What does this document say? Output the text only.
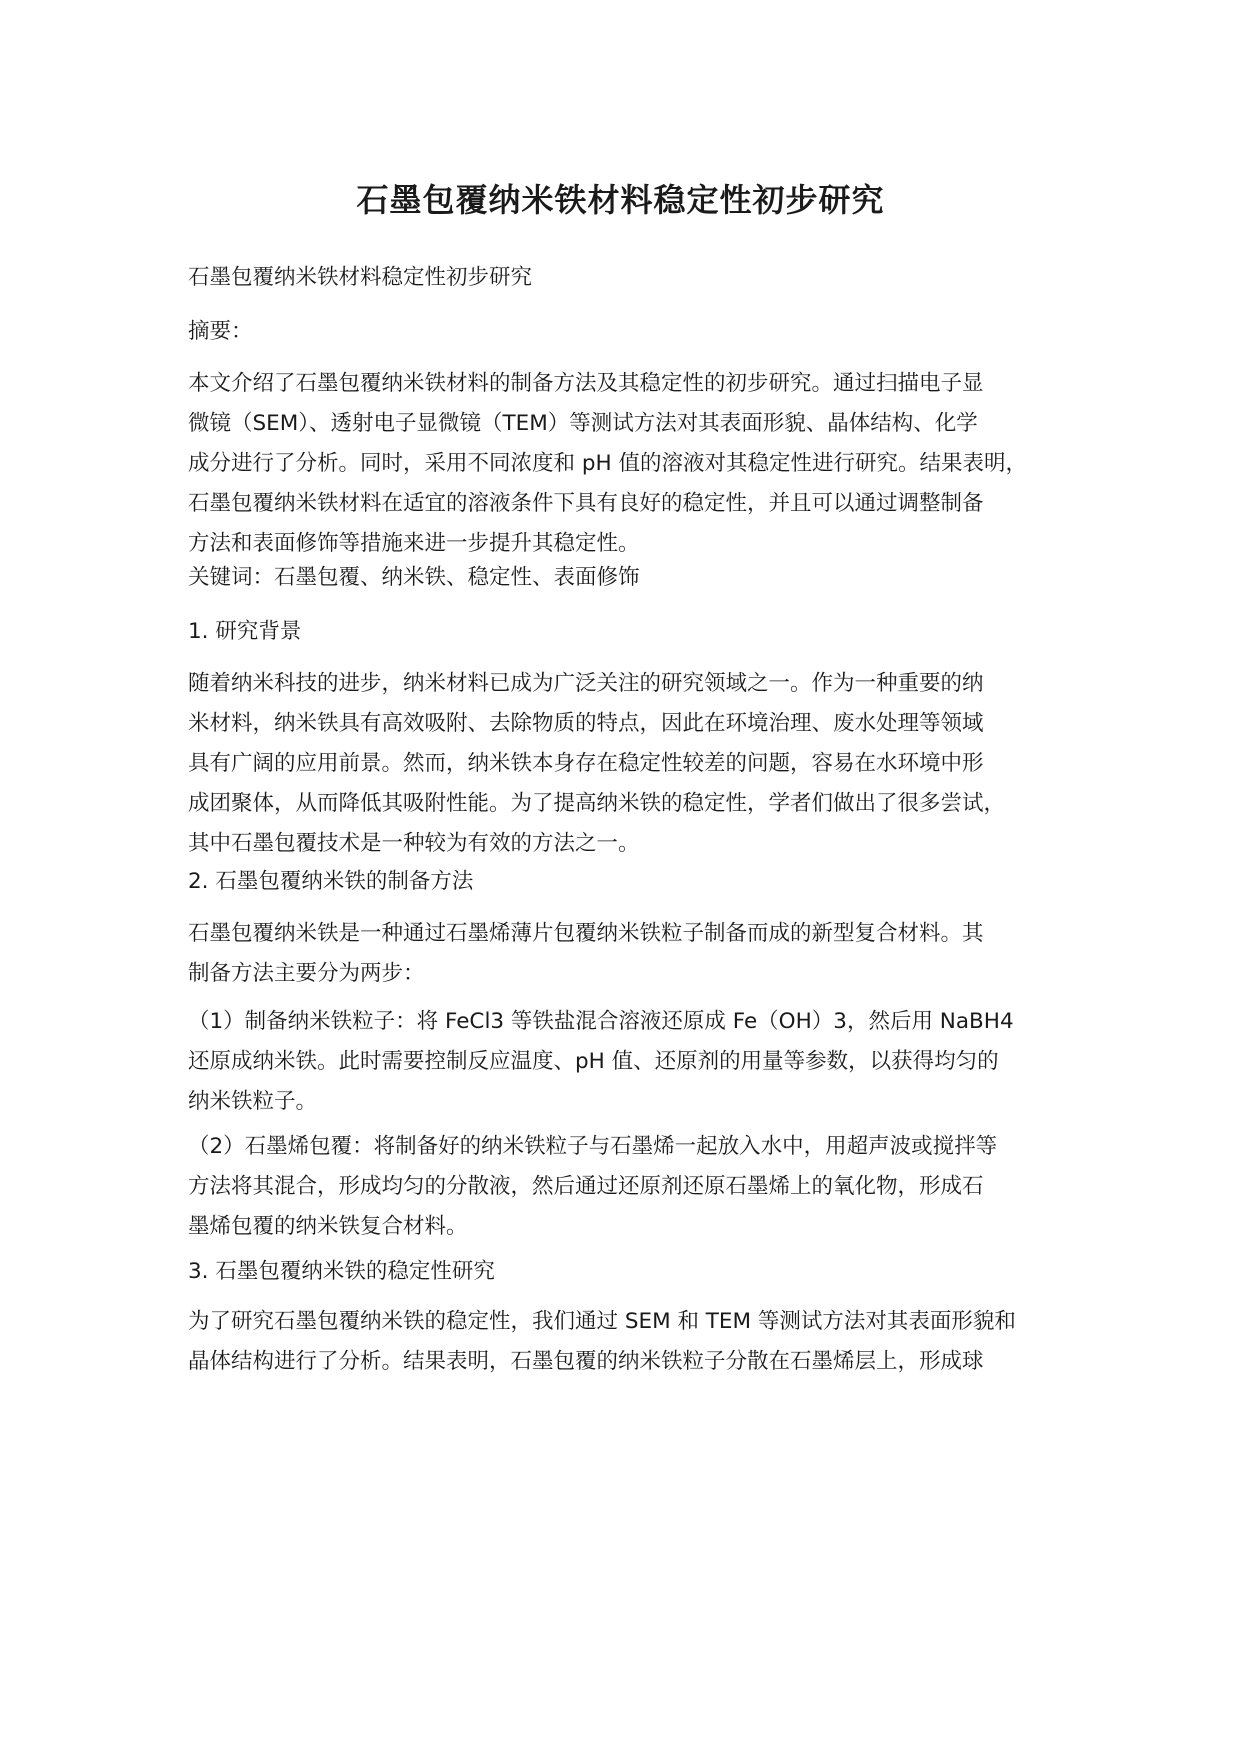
石墨包覆纳米铁材料稳定性初步研究
石墨包覆纳米铁材料稳定性初步研究
摘要：
本文介绍了石墨包覆纳米铁材料的制备方法及其稳定性的初步研究。通过扫描电子显
微镜（SEM）、透射电子显微镜（TEM）等测试方法对其表面形貌、晶体结构、化学
成分进行了分析。同时，采用不同浓度和 pH 值的溶液对其稳定性进行研究。结果表明，
石墨包覆纳米铁材料在适宜的溶液条件下具有良好的稳定性，并且可以通过调整制备
方法和表面修饰等措施来进一步提升其稳定性。
关键词：石墨包覆、纳米铁、稳定性、表面修饰
1. 研究背景
随着纳米科技的进步，纳米材料已成为广泛关注的研究领域之一。作为一种重要的纳
米材料，纳米铁具有高效吸附、去除物质的特点，因此在环境治理、废水处理等领域
具有广阔的应用前景。然而，纳米铁本身存在稳定性较差的问题，容易在水环境中形
成团聚体，从而降低其吸附性能。为了提高纳米铁的稳定性，学者们做出了很多尝试，
其中石墨包覆技术是一种较为有效的方法之一。
2. 石墨包覆纳米铁的制备方法
石墨包覆纳米铁是一种通过石墨烯薄片包覆纳米铁粒子制备而成的新型复合材料。其
制备方法主要分为两步：
（1）制备纳米铁粒子：将 FeCl3 等铁盐混合溶液还原成 Fe（OH）3，然后用 NaBH4
还原成纳米铁。此时需要控制反应温度、pH 值、还原剂的用量等参数，以获得均匀的
纳米铁粒子。
（2）石墨烯包覆：将制备好的纳米铁粒子与石墨烯一起放入水中，用超声波或搅拌等
方法将其混合，形成均匀的分散液，然后通过还原剂还原石墨烯上的氧化物，形成石
墨烯包覆的纳米铁复合材料。
3. 石墨包覆纳米铁的稳定性研究
为了研究石墨包覆纳米铁的稳定性，我们通过 SEM 和 TEM 等测试方法对其表面形貌和
晶体结构进行了分析。结果表明，石墨包覆的纳米铁粒子分散在石墨烯层上，形成球
